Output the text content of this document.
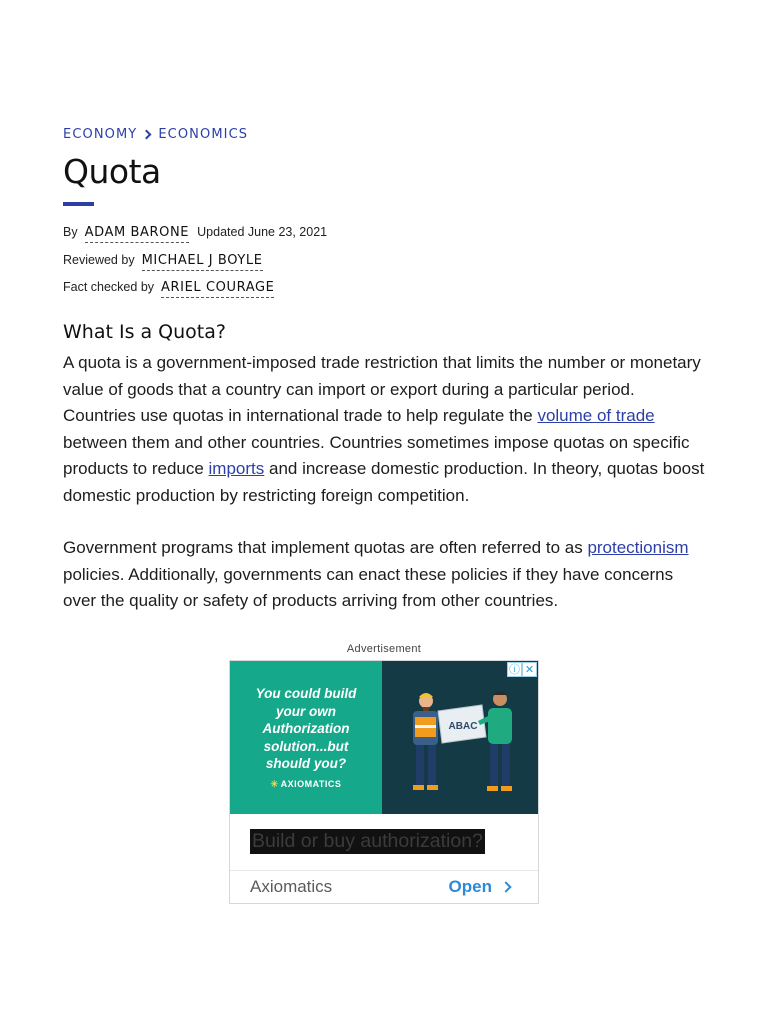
ECONOMY ECONOMICS
Quota
By ADAM BARONE Updated June 23, 2021
Reviewed by MICHAEL J BOYLE
Fact checked by ARIEL COURAGE
What Is a Quota?

A quota is a government-imposed trade restriction that limits the number or monetary value of goods that a country can import or export during a particular period. Countries use quotas in international trade to help regulate the volume of trade between them and other countries. Countries sometimes impose quotas on specific products to reduce imports and increase domestic production. In theory, quotas boost domestic production by restricting foreign competition.

Government programs that implement quotas are often referred to as protectionism policies. Additionally, governments can enact these policies if they have concerns over the quality or safety of products arriving from other countries.

Advertisement
You could build
your own
Authorization
solution...but
should you?
✳ AXIOMATICS
ABAC
ⓘ ✕
Build or buy authorization?
Axiomatics	Open
